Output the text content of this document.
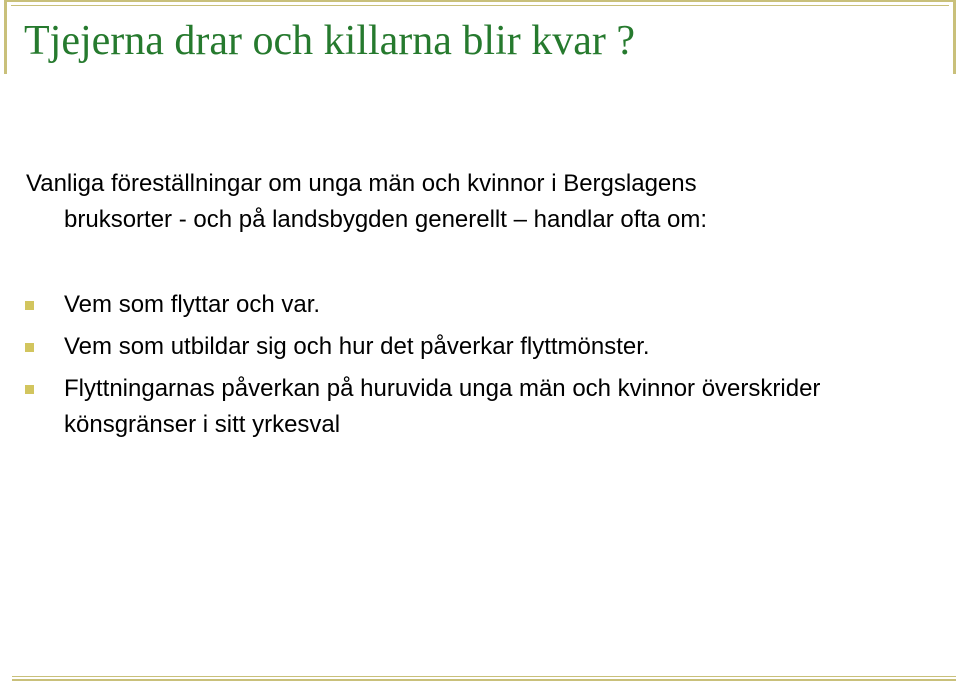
Tjejerna drar och killarna blir kvar ?

Vanliga föreställningar om unga män och kvinnor i Bergslagens
bruksorter - och på landsbygden generellt – handlar ofta om:

Vem som flyttar och var.
Vem som utbildar sig och hur det påverkar flyttmönster.
Flyttningarnas påverkan på huruvida unga män och kvinnor överskrider könsgränser i sitt yrkesval
